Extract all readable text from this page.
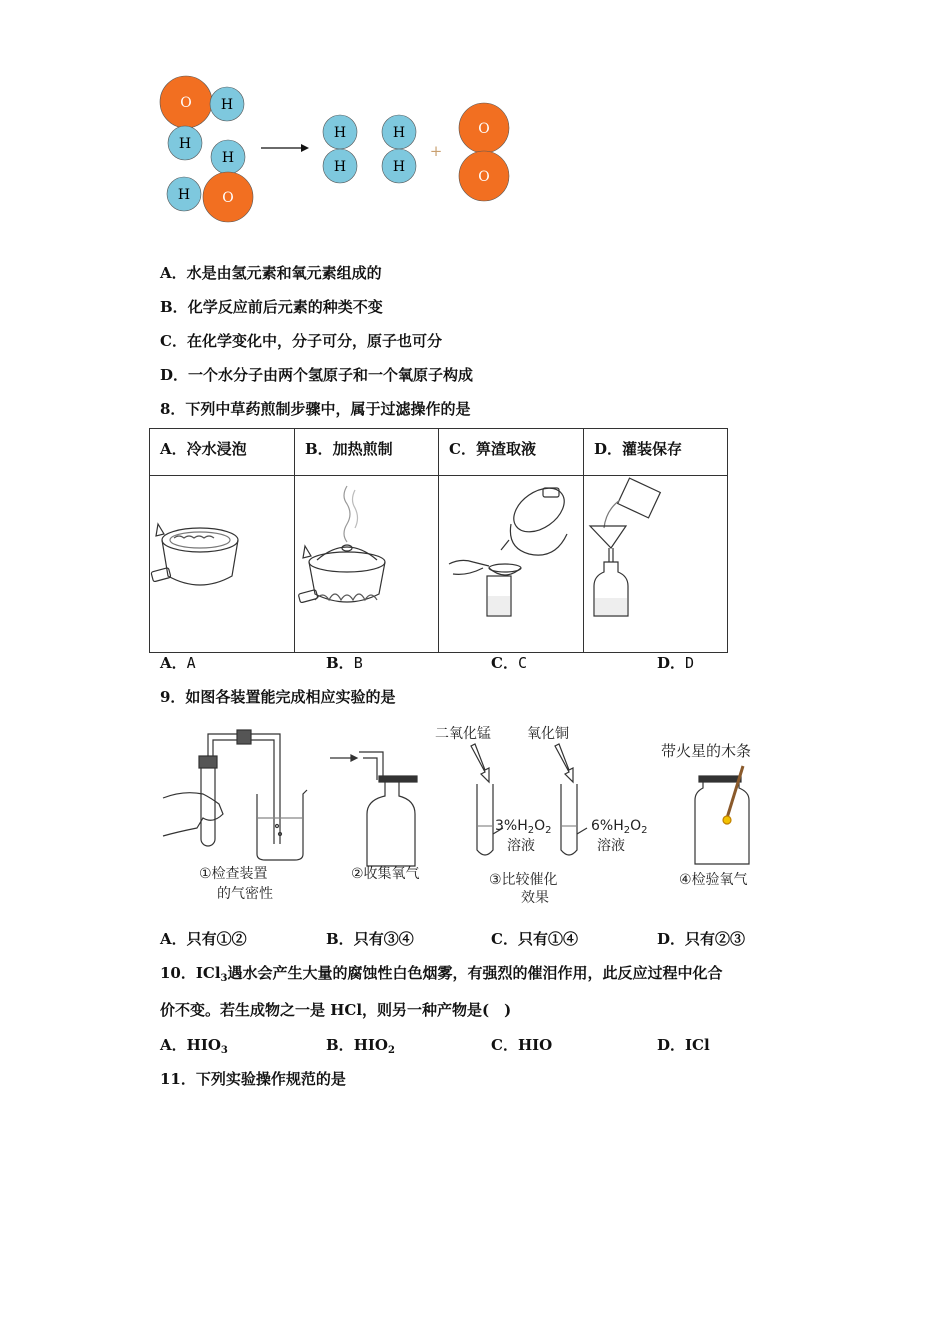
O H
H
H
H O
H
H
H
H
+
O
O
A．水是由氢元素和氧元素组成的
B．化学反应前后元素的种类不变
C．在化学变化中，分子可分，原子也可分
D．一个水分子由两个氢原子和一个氧原子构成
8．下列中草药煎制步骤中，属于过滤操作的是
A．冷水浸泡	B．加热煎制	C．箅渣取液	D．灌装保存

A．A	B．B	C．C	D．D
9．如图各装置能完成相应实验的是
①检查装置
的气密性
②收集氧气
二氧化锰	氧化铜
$3\%H_2O_2$
溶液
$6\%H_2O_2$
溶液
③比较催化
效果
带火星的木条
④检验氧气
A．只有①②	B．只有③④	C．只有①④	D．只有②③
10．ICl$_3$遇水会产生大量的腐蚀性白色烟雾，有强烈的催泪作用，此反应过程中化合
价不变。若生成物之一是 HCl，则另一种产物是(　)
A．$HIO_3$	B．$HIO_2$	C．HIO	D．ICl
11．下列实验操作规范的是
